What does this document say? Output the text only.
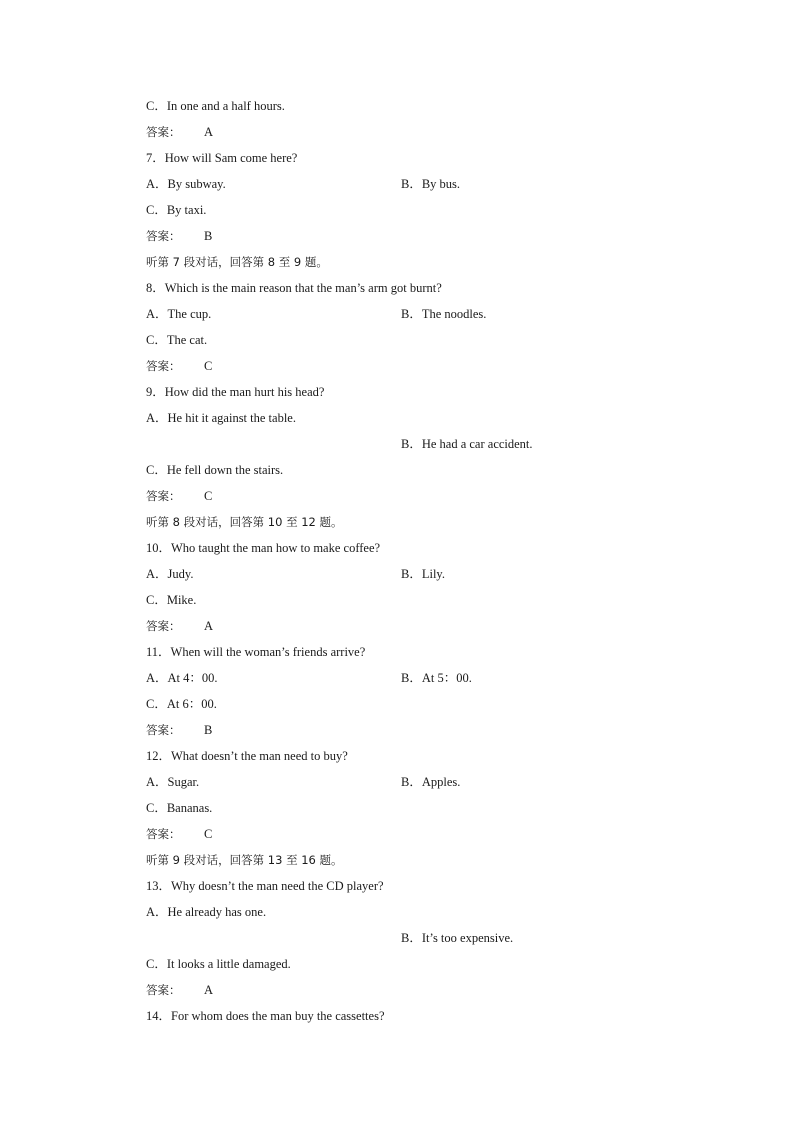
C．In one and a half hours.
答案： A
7．How will Sam come here?
A．By subway.	B．By bus.
C．By taxi.
答案： B
听第 7 段对话，回答第 8 至 9 题。
8．Which is the main reason that the man’s arm got burnt?
A．The cup.	B．The noodles.
C．The cat.
答案： C
9．How did the man hurt his head?
A．He hit it against the table.
B．He had a car accident.
C．He fell down the stairs.
答案： C
听第 8 段对话，回答第 10 至 12 题。
10．Who taught the man how to make coffee?
A．Judy.	B．Lily.
C．Mike.
答案： A
11．When will the woman’s friends arrive?
A．At 4：00.	B．At 5：00.
C．At 6：00.
答案： B
12．What doesn’t the man need to buy?
A．Sugar.	B．Apples.
C．Bananas.
答案： C
听第 9 段对话，回答第 13 至 16 题。
13．Why doesn’t the man need the CD player?
A．He already has one.
B．It’s too expensive.
C．It looks a little damaged.
答案： A
14．For whom does the man buy the cassettes?
